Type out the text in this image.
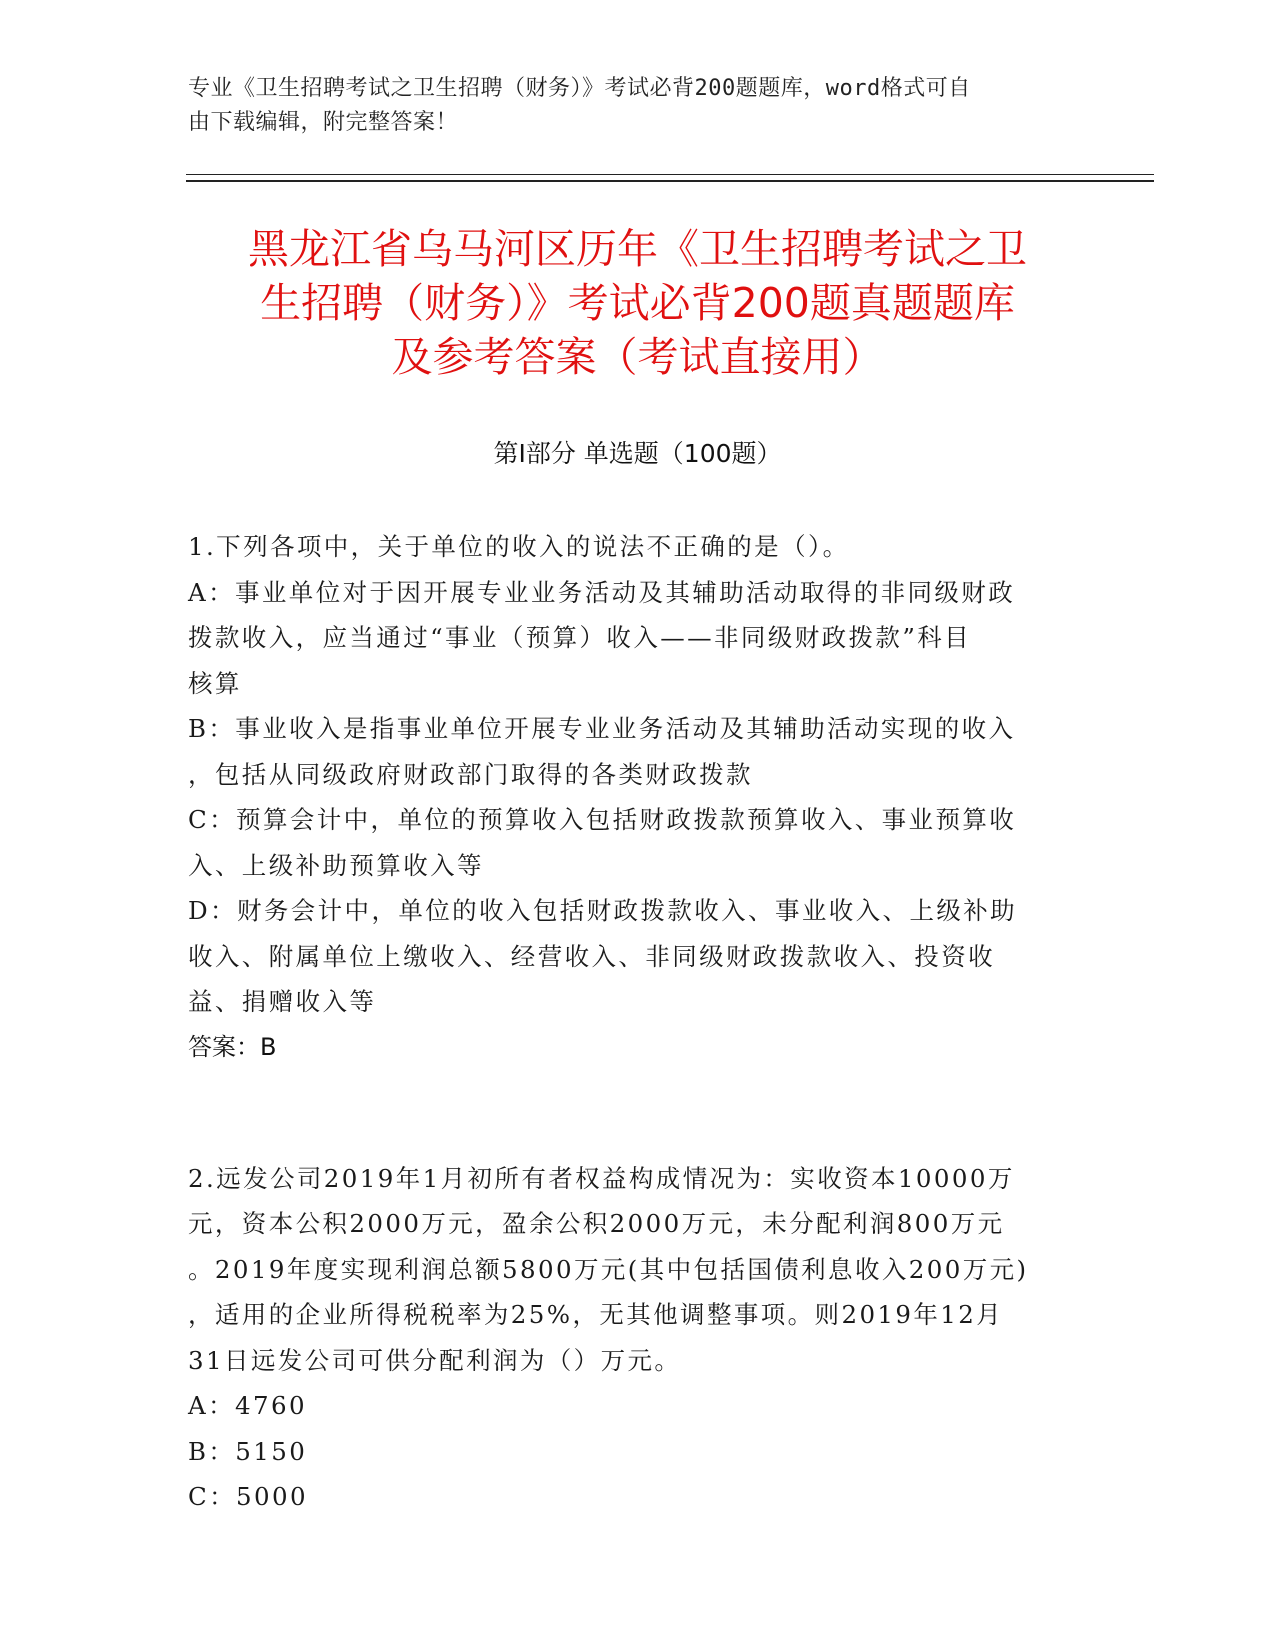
专业《卫生招聘考试之卫生招聘（财务）》考试必背200题题库，word格式可自
由下载编辑，附完整答案！
黑龙江省乌马河区历年《卫生招聘考试之卫
生招聘（财务）》考试必背200题真题题库
及参考答案（考试直接用）
第Ⅰ部分 单选题（100题）

1.下列各项中，关于单位的收入的说法不正确的是（）。

A：事业单位对于因开展专业业务活动及其辅助活动取得的非同级财政

拨款收入，应当通过“事业（预算）收入——非同级财政拨款”科目

核算

B：事业收入是指事业单位开展专业业务活动及其辅助活动实现的收入

，包括从同级政府财政部门取得的各类财政拨款

C：预算会计中，单位的预算收入包括财政拨款预算收入、事业预算收

入、上级补助预算收入等

D：财务会计中，单位的收入包括财政拨款收入、事业收入、上级补助

收入、附属单位上缴收入、经营收入、非同级财政拨款收入、投资收

益、捐赠收入等

答案：B

2.远发公司2019年1月初所有者权益构成情况为：实收资本10000万

元，资本公积2000万元，盈余公积2000万元，未分配利润800万元

。2019年度实现利润总额5800万元(其中包括国债利息收入200万元)

，适用的企业所得税税率为25%，无其他调整事项。则2019年12月

31日远发公司可供分配利润为（）万元。

A：4760

B：5150

C：5000
